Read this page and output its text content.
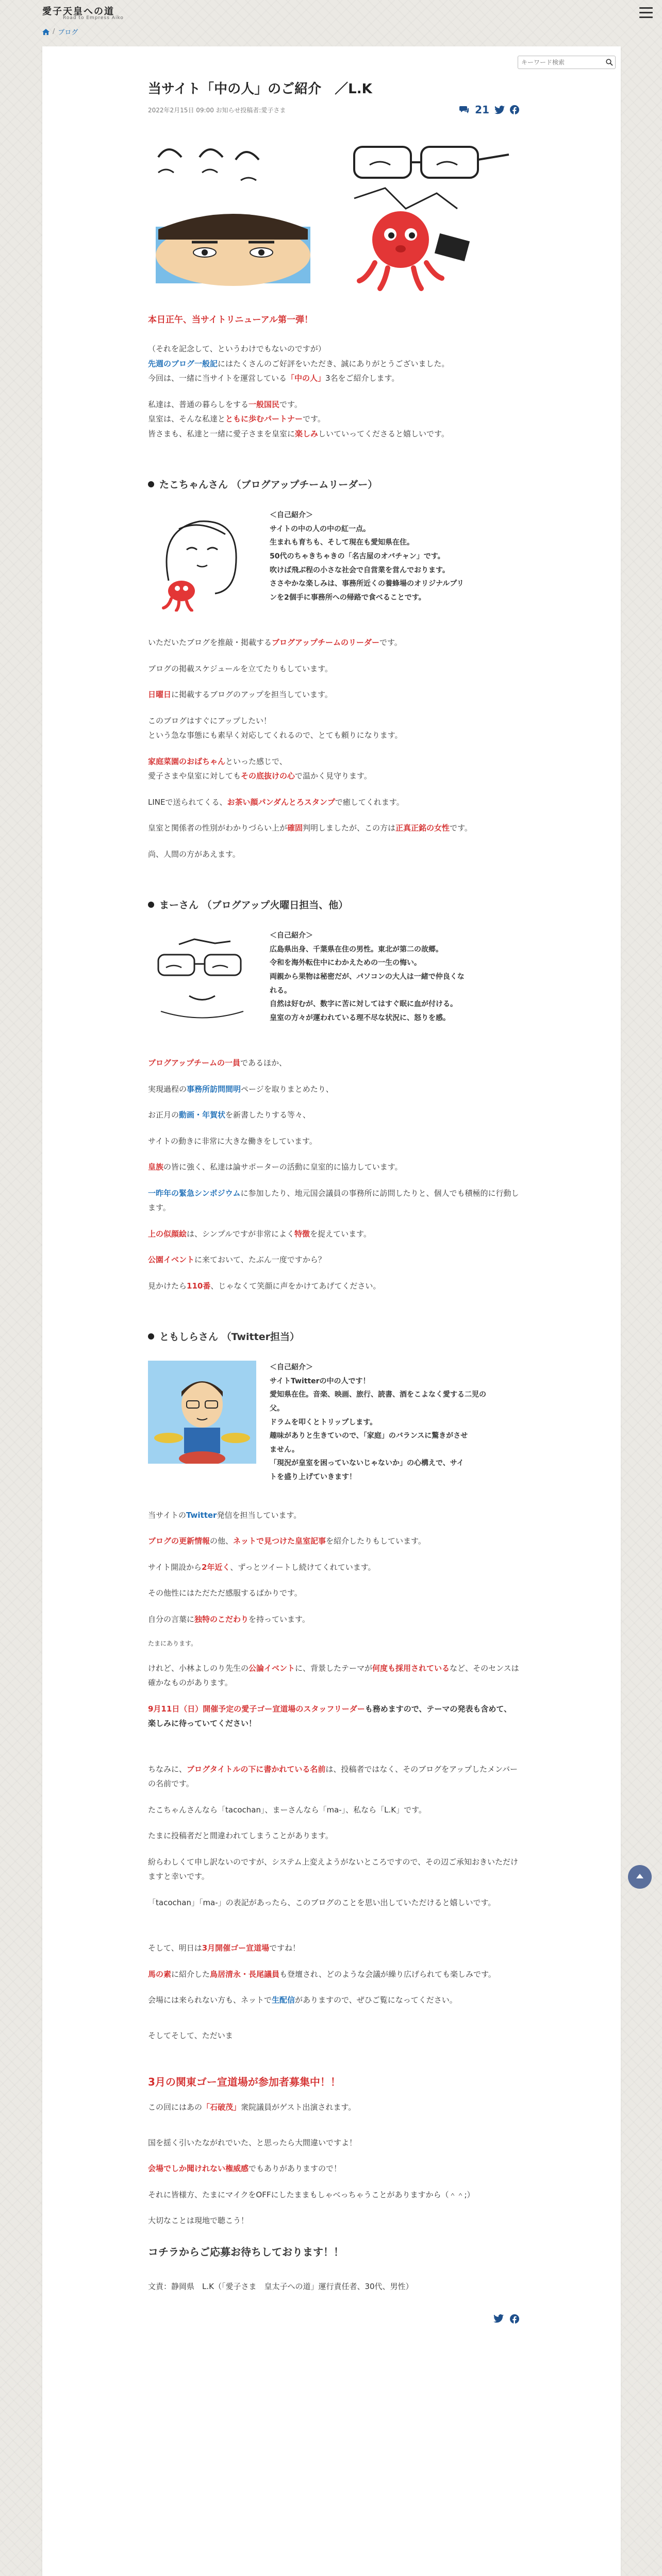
愛子天皇への道
Road to Empress Aiko
/ ブログ
キーワード検索
当サイト「中の人」のご紹介　／L.K
2022年2月15日 09:00 お知らせ投稿者:愛子さま	21

本日正午、当サイトリニューアル第一弾！

（それを記念して、というわけでもないのですが）
先週のブログ一般記にはたくさんのご好評をいただき、誠にありがとうございました。
今回は、一緒に当サイトを運営している「中の人」3名をご紹介します。

私達は、普通の暮らしをする一般国民です。
皇室は、そんな私達とともに歩むパートナーです。
皆さまも、私達と一緒に愛子さまを皇室に楽しみしいていってくださると嬉しいです。

たこちゃんさん （ブログアップチームリーダー）
＜自己紹介＞
サイトの中の人の中の紅一点。
生まれも育ちも、そして現在も愛知県在住。
50代のちゃきちゃきの「名古屋のオバチャン」です。
吹けば飛ぶ程の小さな社会で自営業を営んでおります。
ささやかな楽しみは、事務所近くの養蜂場のオリジナルプリ
ンを2個手に事務所への帰路で食べることです。

いただいたブログを推敲・掲載するブログアップチームのリーダーです。

ブログの掲載スケジュールを立てたりもしています。

日曜日に掲載するブログのアップを担当しています。

このブログはすぐにアップしたい！
という急な事態にも素早く対応してくれるので、とても頼りになります。

家庭菜園のおばちゃんといった感じで、
愛子さまや皇室に対してもその底抜けの心で温かく見守ります。

LINEで送られてくる、お茶い顔パンダんとろスタンプで癒してくれます。

皇室と関係者の性別がわかりづらい上が確固判明しましたが、この方は正真正銘の女性です。

尚、人間の方があえます。

まーさん （ブログアップ火曜日担当、他）
＜自己紹介＞
広島県出身、千葉県在住の男性。東北が第二の故郷。
令和を海外転住中にわかえための一生の悔い。
両親から果物は秘密だが、パソコンの大人は一緒で仲良くな
れる。
自然は好むが、数字に苦に対してはすぐ眠に血が付ける。
皇室の方々が運われている理不尽な状況に、怒りを感。

ブログアップチームの一員であるほか、

実現過程の事務所訪問間明ページを取りまとめたり、

お正月の動画・年賀状を新書したりする等々、

サイトの動きに非常に大きな働きをしています。

皇族の皆に強く、私達は論サポーターの活動に皇室的に協力しています。

一昨年の緊急シンポジウムに参加したり、地元国会議員の事務所に訪問したりと、個人でも積極的に行動します。

上の似顔絵は、シンプルですが非常によく特徴を捉えています。

公園イベントに来ておいて、たぶん一度ですから？

見かけたら110番、じゃなくて笑顔に声をかけてあげてください。

ともしらさん （Twitter担当）
＜自己紹介＞
サイトTwitterの中の人です！
愛知県在住。音楽、映画、旅行、読書、酒をこよなく愛する二児の
父。
ドラムを叩くとトリップします。
趣味がありと生きていので、「家庭」のバランスに驚きがさせ
ません。
「現況が皇室を困っていないじゃないか」の心構えで、サイ
トを盛り上げていきます！

当サイトのTwitter発信を担当しています。

ブログの更新情報の他、ネットで見つけた皇室記事を紹介したりもしています。

サイト開設から2年近く、ずっとツイートし続けてくれています。

その他性にはただただ感服するばかりです。

自分の言葉に独特のこだわりを持っています。

たまにあります。

けれど、小林よしのり先生の公論イベントに、背景したテーマが何度も採用されているなど、そのセンスは確かなものがあります。

9月11日（日）開催予定の愛子ゴー宣道場のスタッフリーダーも務めますので、テーマの発表も含めて、楽しみに待っていてください！

ちなみに、ブログタイトルの下に書かれている名前は、投稿者ではなく、そのブログをアップしたメンバーの名前です。

たこちゃんさんなら「tacochan」、まーさんなら「ma-」、私なら「L.K」です。

たまに投稿者だと間違われてしまうことがあります。

紛らわしくて申し訳ないのですが、システム上変えようがないところですので、その辺ご承知おきいただけますと幸いです。

「tacochan」「ma-」の表記があったら、このブログのことを思い出していただけると嬉しいです。

そして、明日は3月開催ゴー宣道場ですね！

馬の素に紹介した鳥居清永・長尾議員も登壇され、どのような会議が繰り広げられても楽しみです。

会場には来られない方も、ネットで生配信がありますので、ぜひご覧になってください。

そしてそして、ただいま

3月の関東ゴー宣道場が参加者募集中！！

この回にはあの「石破茂」衆院議員がゲスト出演されます。

国を揺く引いたながれでいた、と思ったら大間違いですよ！

会場でしか聞けれない権威感でもありがありますので！

それに皆様方、たまにマイクをOFFにしたままもしゃべっちゃうことがありますから（＾＾;）

大切なことは現地で聴こう！

コチラからご応募お待ちしております！！

文責：静岡県　L.K（「愛子さま　皇太子への道」運行責任者、30代、男性）
